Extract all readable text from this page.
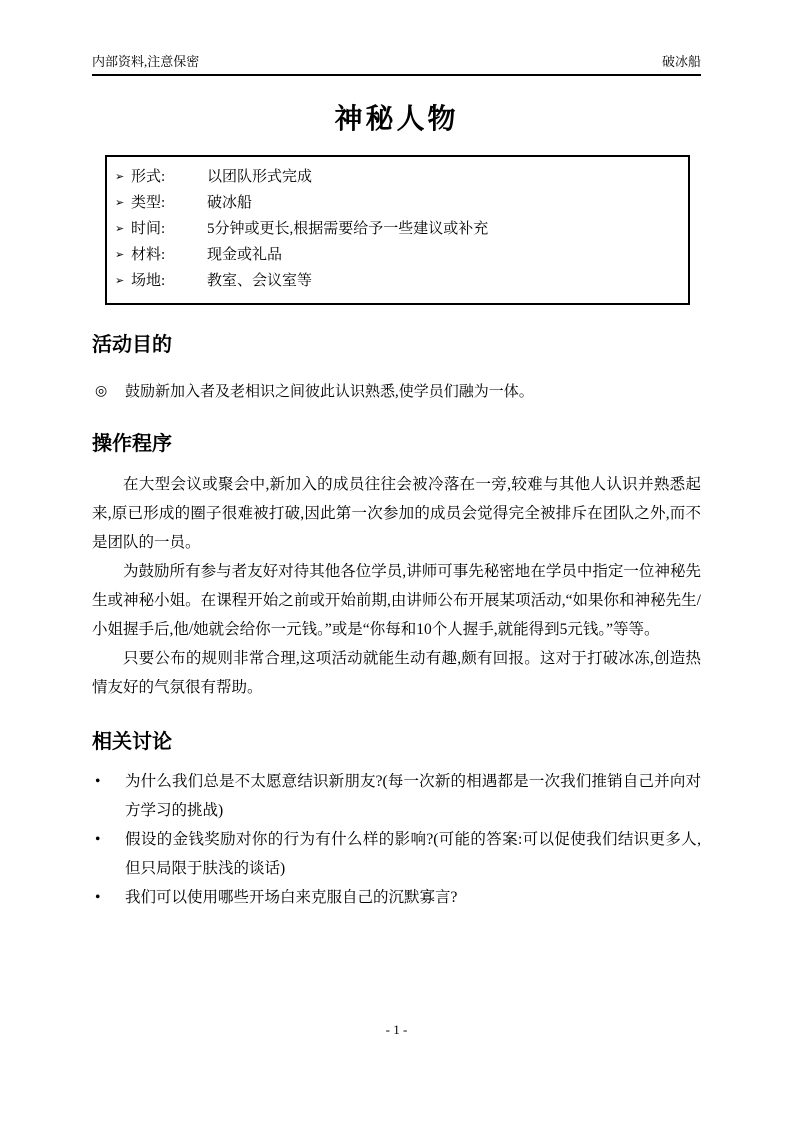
内部资料,注意保密	破冰船
神秘人物
➢ 形式:	以团队形式完成
➢ 类型:	破冰船
➢ 时间:	5分钟或更长,根据需要给予一些建议或补充
➢ 材料:	现金或礼品
➢ 场地:	教室、会议室等
活动目的
◎	鼓励新加入者及老相识之间彼此认识熟悉,使学员们融为一体。
操作程序

在大型会议或聚会中,新加入的成员往往会被冷落在一旁,较难与其他人认识并熟悉起来,原已形成的圈子很难被打破,因此第一次参加的成员会觉得完全被排斥在团队之外,而不是团队的一员。

为鼓励所有参与者友好对待其他各位学员,讲师可事先秘密地在学员中指定一位神秘先生或神秘小姐。在课程开始之前或开始前期,由讲师公布开展某项活动,“如果你和神秘先生/小姐握手后,他/她就会给你一元钱。”或是“你每和10个人握手,就能得到5元钱。”等等。

只要公布的规则非常合理,这项活动就能生动有趣,颇有回报。这对于打破冰冻,创造热情友好的气氛很有帮助。

相关讨论
•	为什么我们总是不太愿意结识新朋友?(每一次新的相遇都是一次我们推销自己并向对方学习的挑战)
•	假设的金钱奖励对你的行为有什么样的影响?(可能的答案:可以促使我们结识更多人,但只局限于肤浅的谈话)
•	我们可以使用哪些开场白来克服自己的沉默寡言?
- 1 -
